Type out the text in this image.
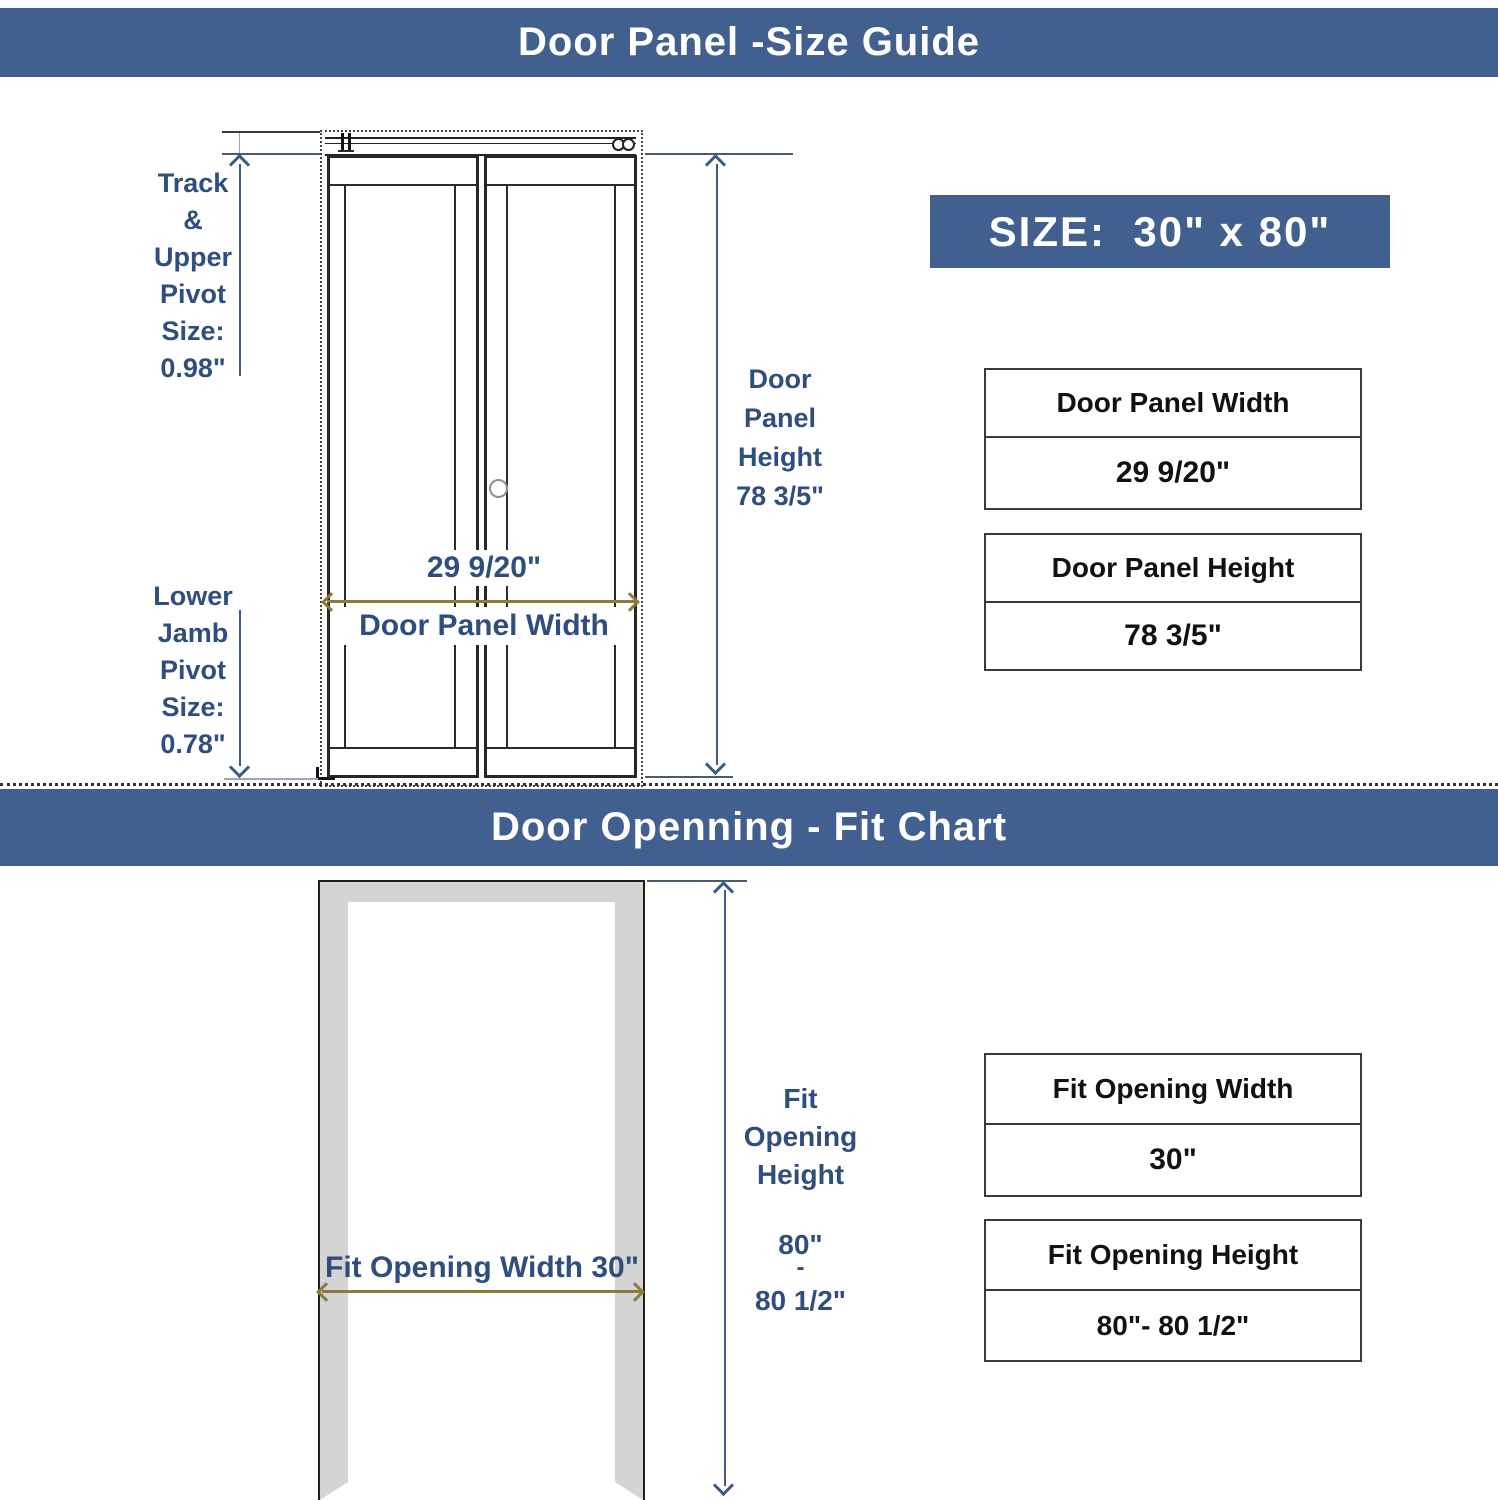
Door Panel -Size Guide
29 9/20"
Door Panel Width
Track
&
Upper
Pivot
Size:
0.98"
Lower
Jamb
Pivot
Size:
0.78"
Door
Panel
Height
78 3/5"
SIZE:  30" x 80"
Door Panel Width
29 9/20"
Door Panel Height
78 3/5"
Door Openning - Fit Chart
Fit Opening Width 30"
Fit
Opening
Height
80"
-
80 1/2"
Fit Opening Width
30"
Fit Opening Height
80"- 80 1/2"
